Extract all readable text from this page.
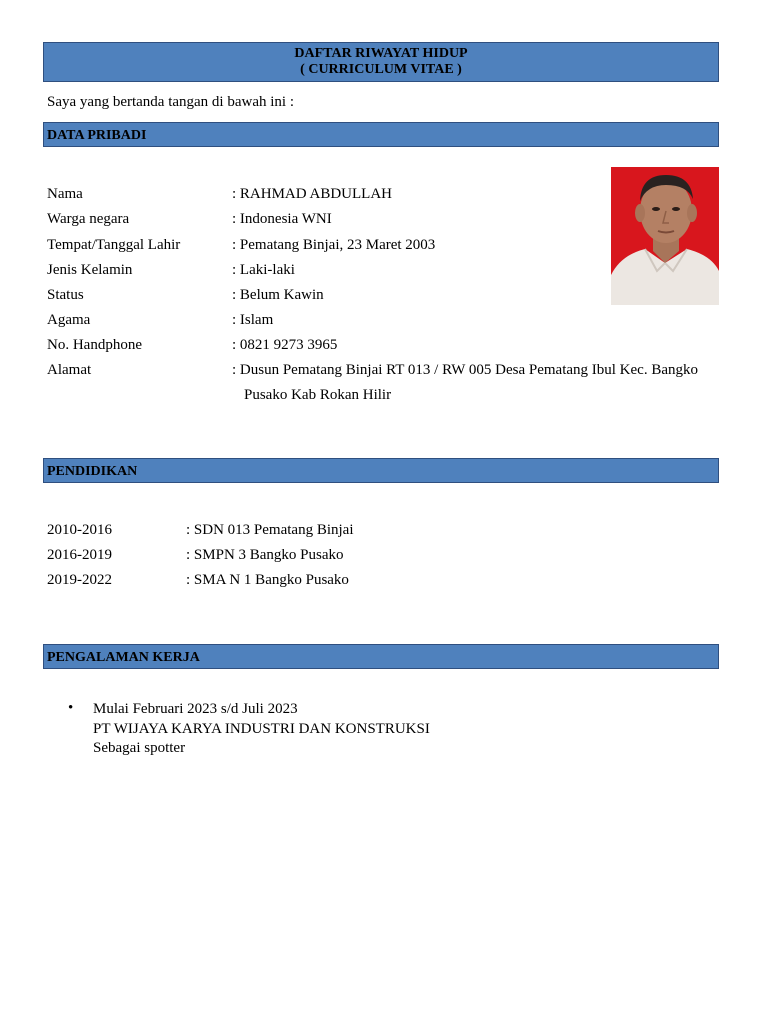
DAFTAR RIWAYAT HIDUP
( CURRICULUM VITAE )
Saya yang bertanda tangan di bawah ini :
DATA PRIBADI
Nama	: RAHMAD ABDULLAH
Warga negara	: Indonesia WNI
Tempat/Tanggal Lahir	: Pematang Binjai, 23 Maret 2003
Jenis Kelamin	: Laki-laki
Status	: Belum Kawin
Agama	: Islam
No. Handphone	: 0821 9273 3965
Alamat	: Dusun Pematang Binjai RT 013 / RW 005 Desa Pematang Ibul Kec. Bangko
Pusako Kab Rokan Hilir
PENDIDIKAN
2010-2016	: SDN 013 Pematang Binjai
2016-2019	: SMPN 3 Bangko Pusako
2019-2022	: SMA N 1 Bangko Pusako
PENGALAMAN KERJA
• Mulai Februari 2023 s/d Juli 2023
PT WIJAYA KARYA INDUSTRI DAN KONSTRUKSI
Sebagai spotter
